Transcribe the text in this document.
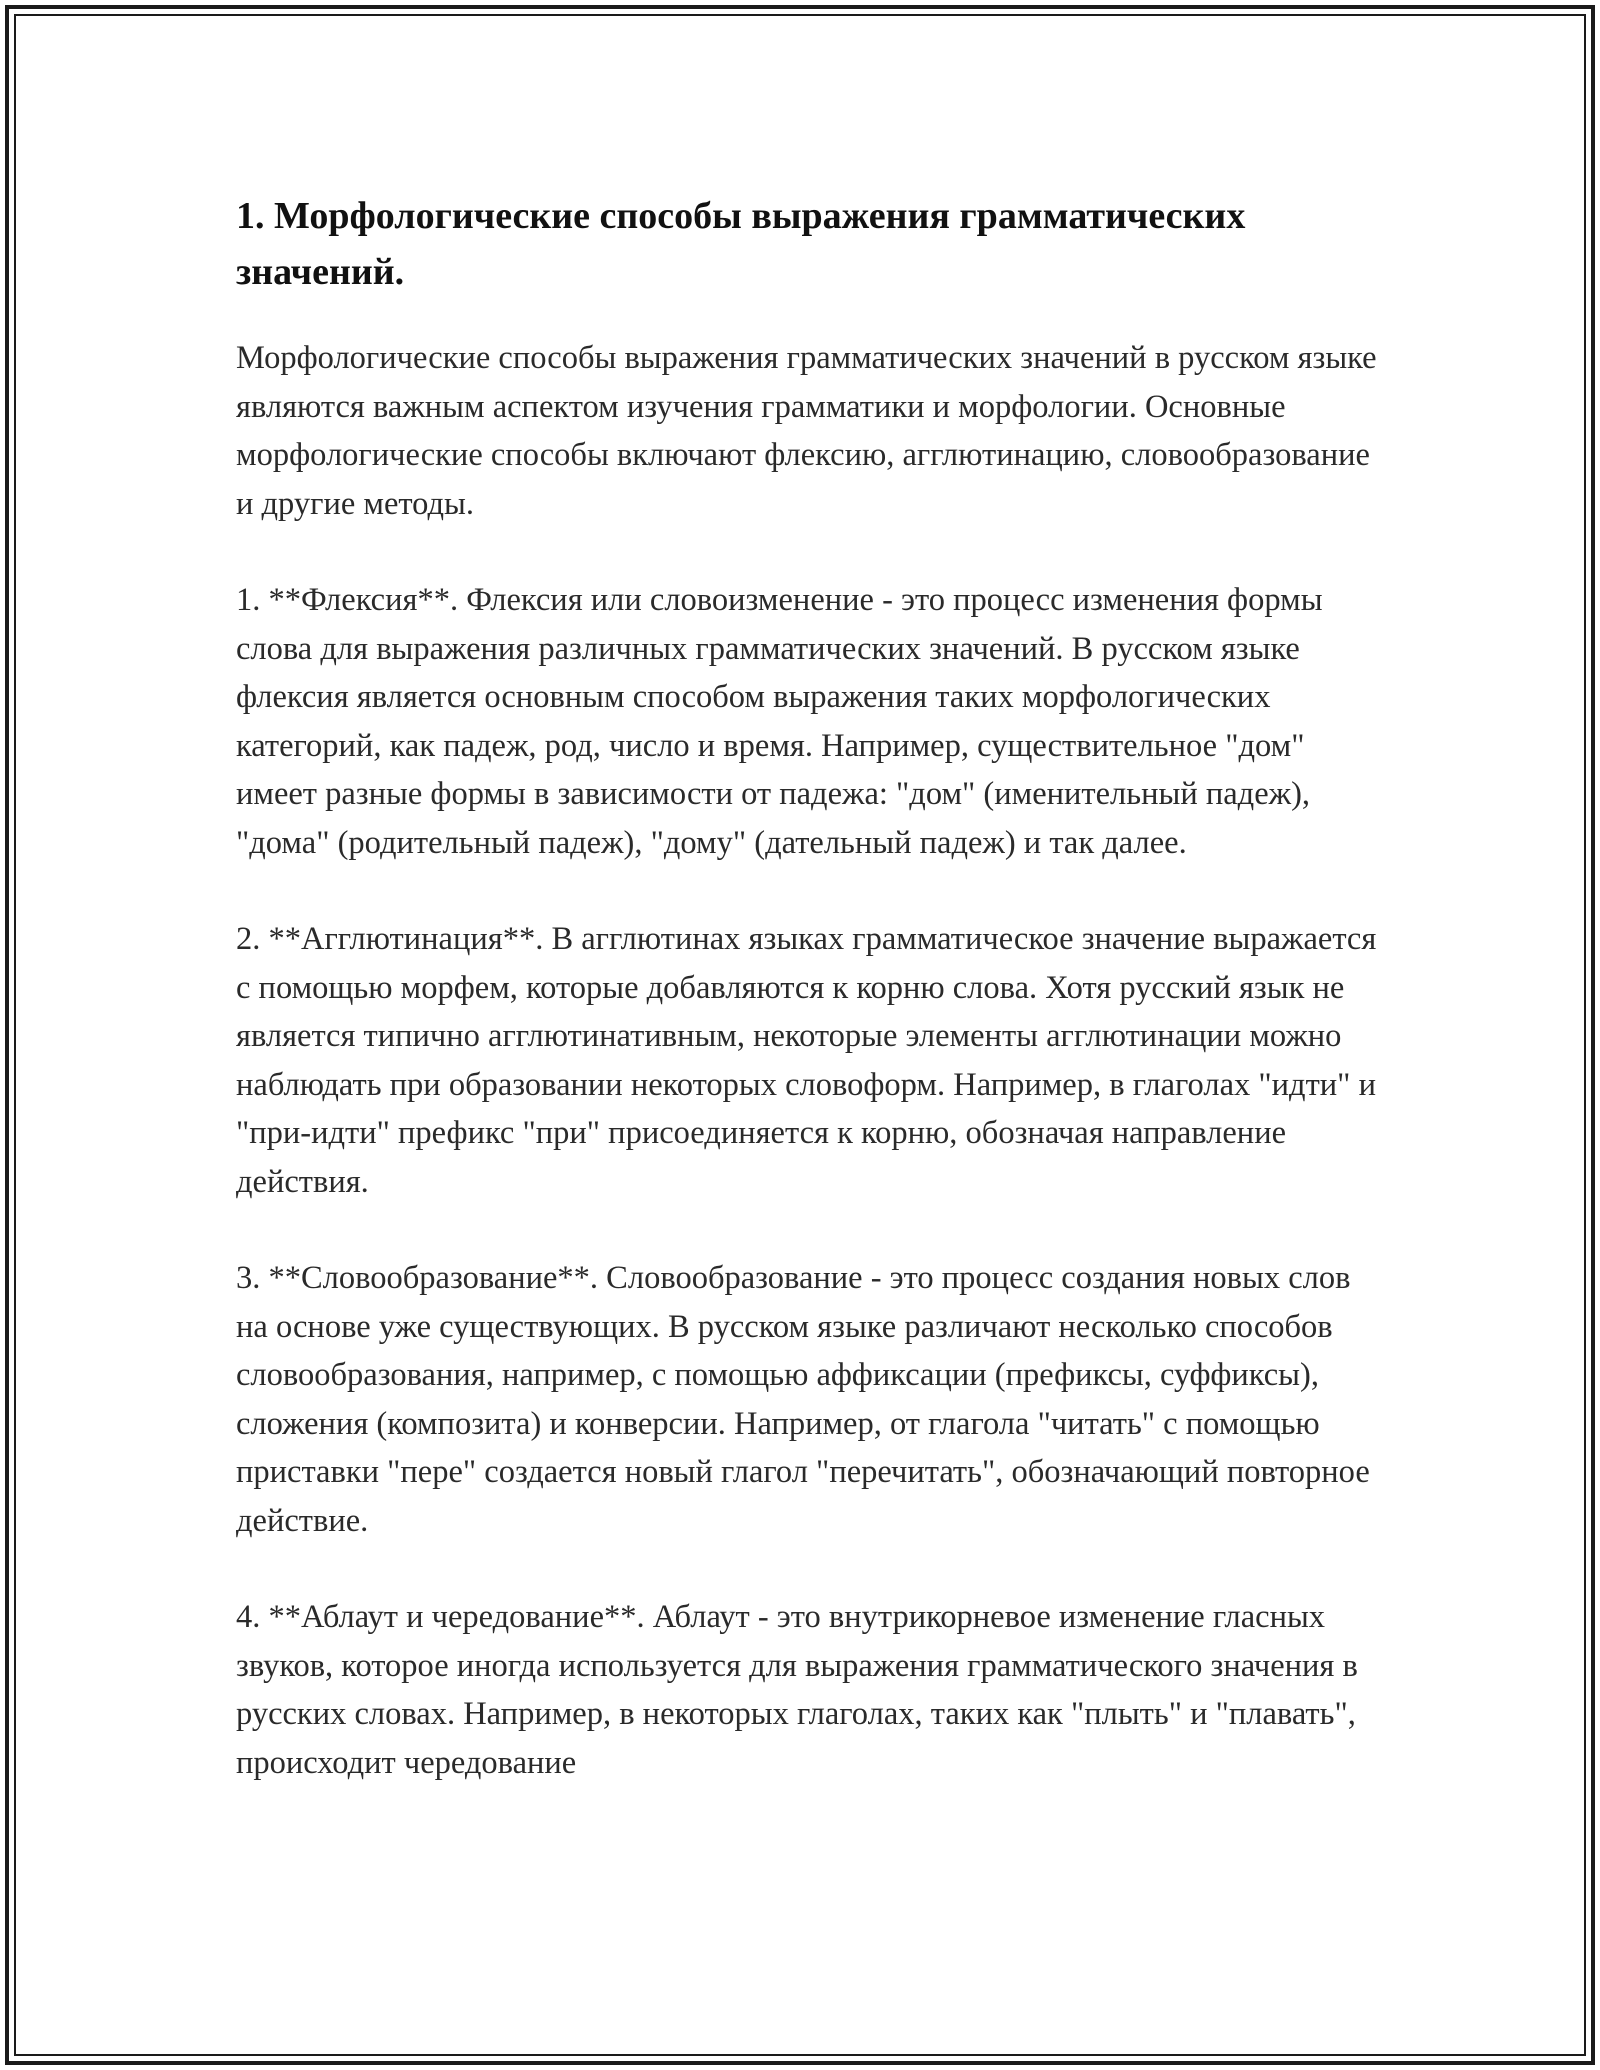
1. Морфологические способы выражения грамматических значений.

Морфологические способы выражения грамматических значений в русском языке являются важным аспектом изучения грамматики и морфологии. Основные морфологические способы включают флексию, агглютинацию, словообразование и другие методы.

1. **Флексия**. Флексия или словоизменение - это процесс изменения формы слова для выражения различных грамматических значений. В русском языке флексия является основным способом выражения таких морфологических категорий, как падеж, род, число и время. Например, существительное "дом" имеет разные формы в зависимости от падежа: "дом" (именительный падеж), "дома" (родительный падеж), "дому" (дательный падеж) и так далее.

2. **Агглютинация**. В агглютинах языках грамматическое значение выражается с помощью морфем, которые добавляются к корню слова. Хотя русский язык не является типично агглютинативным, некоторые элементы агглютинации можно наблюдать при образовании некоторых словоформ. Например, в глаголах "идти" и "при-идти" префикс "при" присоединяется к корню, обозначая направление действия.

3. **Словообразование**. Словообразование - это процесс создания новых слов на основе уже существующих. В русском языке различают несколько способов словообразования, например, с помощью аффиксации (префиксы, суффиксы), сложения (композита) и конверсии. Например, от глагола "читать" с помощью приставки "пере" создается новый глагол "перечитать", обозначающий повторное действие.

4. **Аблаут и чередование**. Аблаут - это внутрикорневое изменение гласных звуков, которое иногда используется для выражения грамматического значения в русских словах. Например, в некоторых глаголах, таких как "плыть" и "плавать", происходит чередование
